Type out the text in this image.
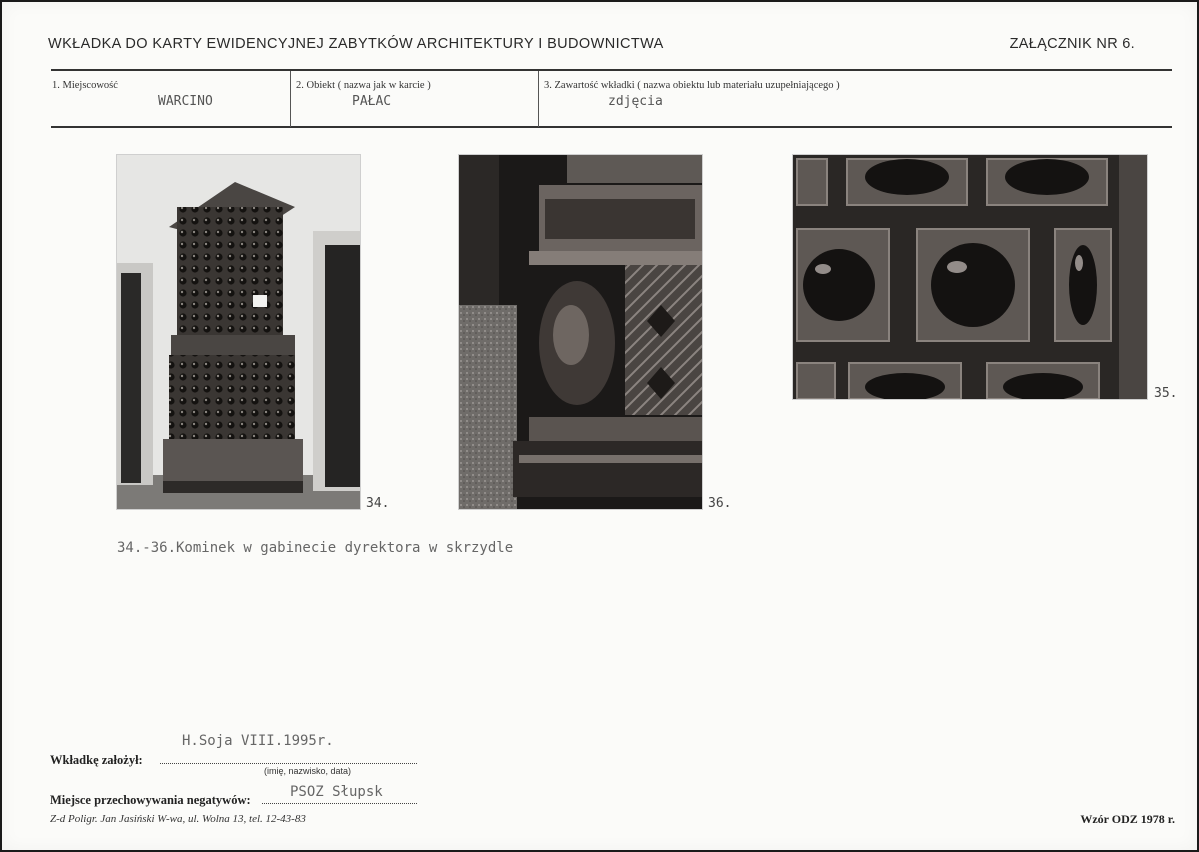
WKŁADKA DO KARTY EWIDENCYJNEJ ZABYTKÓW ARCHITEKTURY I BUDOWNICTWA	ZAŁĄCZNIK NR 6.
1. Miejscowość
WARCINO
2. Obiekt ( nazwa jak w karcie )
PAŁAC
3. Zawartość wkładki ( nazwa obiektu lub materiału uzupełniającego )
zdjęcia
34.	36.
35.
34.-36.Kominek w gabinecie dyrektora w skrzydle
H.Soja VIII.1995r.
Wkładkę założył:
(imię, nazwisko, data)
PSOZ Słupsk
Miejsce przechowywania negatywów:
Z-d Poligr. Jan Jasiński W-wa, ul. Wolna 13, tel. 12-43-83	Wzór ODZ 1978 r.
